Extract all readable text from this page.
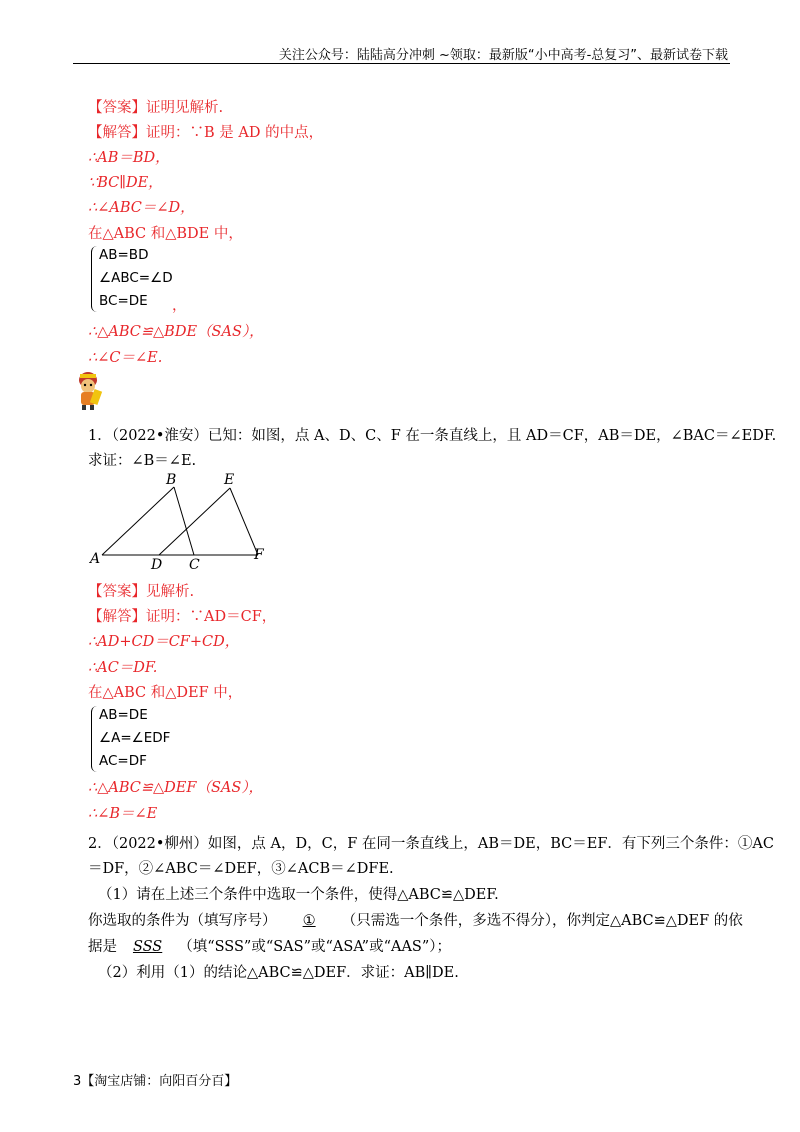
关注公众号：陆陆高分冲刺 ~领取：最新版“小中高考-总复习”、最新试卷下载
【答案】证明见解析.
【解答】证明：∵B 是 AD 的中点，
∴AB＝BD，
∵BC∥DE，
∴∠ABC＝∠D，
在△ABC 和△BDE 中，
AB=BD
∠ABC=∠D
BC=DE	，
∴△ABC≌△BDE（SAS），
∴∠C＝∠E.
1．（2022•淮安）已知：如图，点 A、D、C、F 在一条直线上，且 AD＝CF，AB＝DE，∠BAC＝∠EDF.
求证：∠B＝∠E.
A
B
C
D
E
F
【答案】见解析.
【解答】证明：∵AD＝CF，
∴AD+CD＝CF+CD，
∴AC＝DF.
在△ABC 和△DEF 中，
AB=DE
∠A=∠EDF
AC=DF
∴△ABC≌△DEF（SAS），
∴∠B＝∠E
2．（2022•柳州）如图，点 A，D，C，F 在同一条直线上，AB＝DE，BC＝EF．有下列三个条件：①AC
＝DF，②∠ABC＝∠DEF，③∠ACB＝∠DFE.
（1）请在上述三个条件中选取一个条件，使得△ABC≌△DEF.
你选取的条件为（填写序号） ① （只需选一个条件，多选不得分），你判定△ABC≌△DEF 的依
据是 SSS （填“SSS”或“SAS”或“ASA”或“AAS”）；
（2）利用（1）的结论△ABC≌△DEF．求证：AB∥DE.
3【淘宝店铺：向阳百分百】
